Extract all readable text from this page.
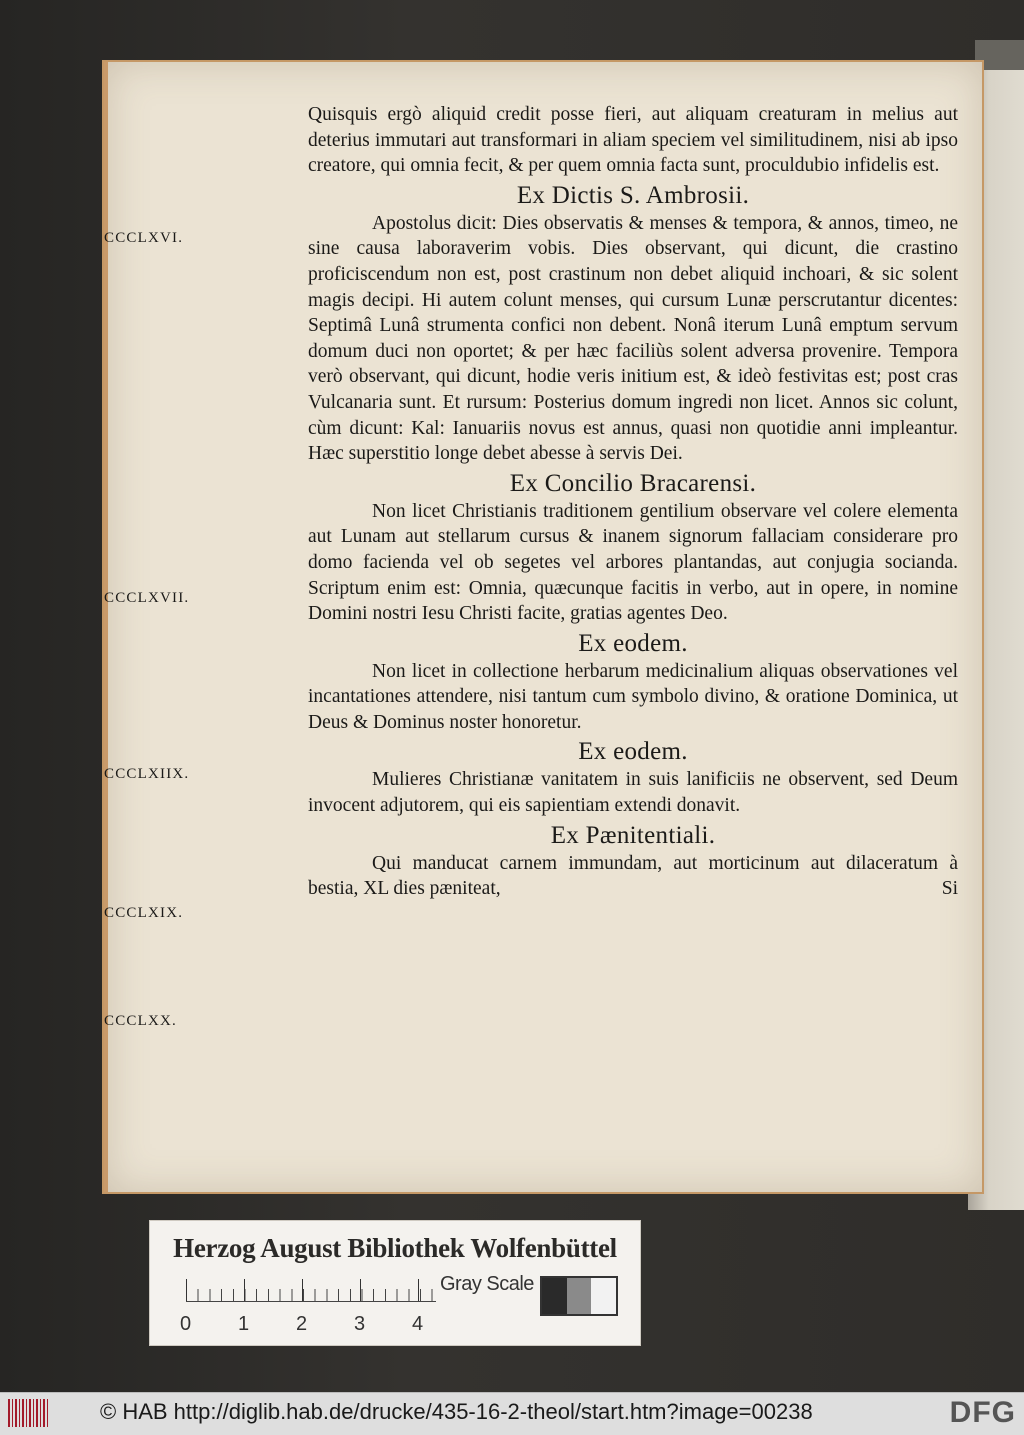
Quisquis ergò aliquid credit posse fieri, aut aliquam creaturam in melius aut deterius immutari aut transformari in aliam speciem vel similitudinem, nisi ab ipso creatore, qui omnia fecit, & per quem omnia facta sunt, proculdubio infidelis est.

Ex Dictis S. Ambrosii.

Apostolus dicit: Dies observatis & menses & tempora, & annos, timeo, ne sine causa laboraverim vobis. Dies observant, qui dicunt, die crastino proficiscendum non est, post crastinum non debet aliquid inchoari, & sic solent magis decipi. Hi autem colunt menses, qui cursum Lunæ perscrutantur dicentes: Septimâ Lunâ strumenta confici non debent. Nonâ iterum Lunâ emptum servum domum duci non oportet; & per hæc faciliùs solent adversa provenire. Tempora verò observant, qui dicunt, hodie veris initium est, & ideò festivitas est; post cras Vulcanaria sunt. Et rursum: Posterius domum ingredi non licet. Annos sic colunt, cùm dicunt: Kal: Ianuariis novus est annus, quasi non quotidie anni impleantur. Hæc superstitio longe debet abesse à servis Dei.

Ex Concilio Bracarensi.

Non licet Christianis traditionem gentilium observare vel colere elementa aut Lunam aut stellarum cursus & inanem signorum fallaciam considerare pro domo facienda vel ob segetes vel arbores plantandas, aut conjugia socianda. Scriptum enim est: Omnia, quæcunque facitis in verbo, aut in opere, in nomine Domini nostri Iesu Christi facite, gratias agentes Deo.

Ex eodem.

Non licet in collectione herbarum medicinalium aliquas observationes vel incantationes attendere, nisi tantum cum symbolo divino, & oratione Dominica, ut Deus & Dominus noster honoretur.

Ex eodem.

Mulieres Christianæ vanitatem in suis lanificiis ne observent, sed Deum invocent adjutorem, qui eis sapientiam extendi donavit.

Ex Pænitentiali.

Qui manducat carnem immundam, aut morticinum aut dilaceratum à bestia, XL dies pæniteat,	Si

CCCLXVI.
CCCLXVII.
CCCLXIIX.
CCCLXIX.
CCCLXX.
Herzog August Bibliothek Wolfenbüttel
0 1 2 3 4
Gray Scale
© HAB http://diglib.hab.de/drucke/435-16-2-theol/start.htm?image=00238	DFG
